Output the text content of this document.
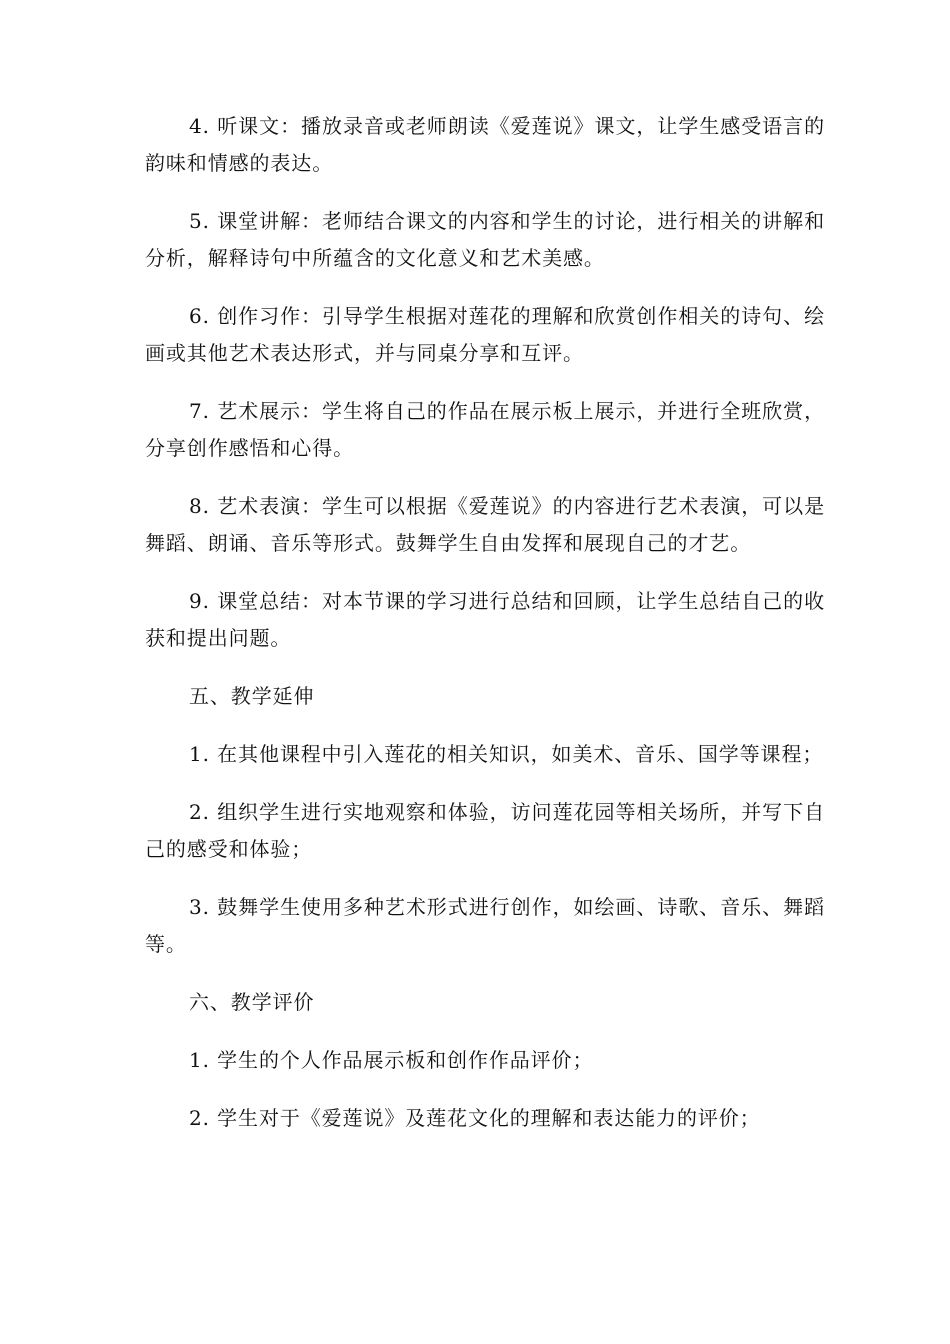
4. 听课文：播放录音或老师朗读《爱莲说》课文，让学生感受语言的韵味和情感的表达。

5. 课堂讲解：老师结合课文的内容和学生的讨论，进行相关的讲解和分析，解释诗句中所蕴含的文化意义和艺术美感。

6. 创作习作：引导学生根据对莲花的理解和欣赏创作相关的诗句、绘画或其他艺术表达形式，并与同桌分享和互评。

7. 艺术展示：学生将自己的作品在展示板上展示，并进行全班欣赏，分享创作感悟和心得。

8. 艺术表演：学生可以根据《爱莲说》的内容进行艺术表演，可以是舞蹈、朗诵、音乐等形式。鼓舞学生自由发挥和展现自己的才艺。

9. 课堂总结：对本节课的学习进行总结和回顾，让学生总结自己的收获和提出问题。

五、教学延伸

1. 在其他课程中引入莲花的相关知识，如美术、音乐、国学等课程；

2. 组织学生进行实地观察和体验，访问莲花园等相关场所，并写下自己的感受和体验；

3. 鼓舞学生使用多种艺术形式进行创作，如绘画、诗歌、音乐、舞蹈等。

六、教学评价

1. 学生的个人作品展示板和创作作品评价；

2. 学生对于《爱莲说》及莲花文化的理解和表达能力的评价；
